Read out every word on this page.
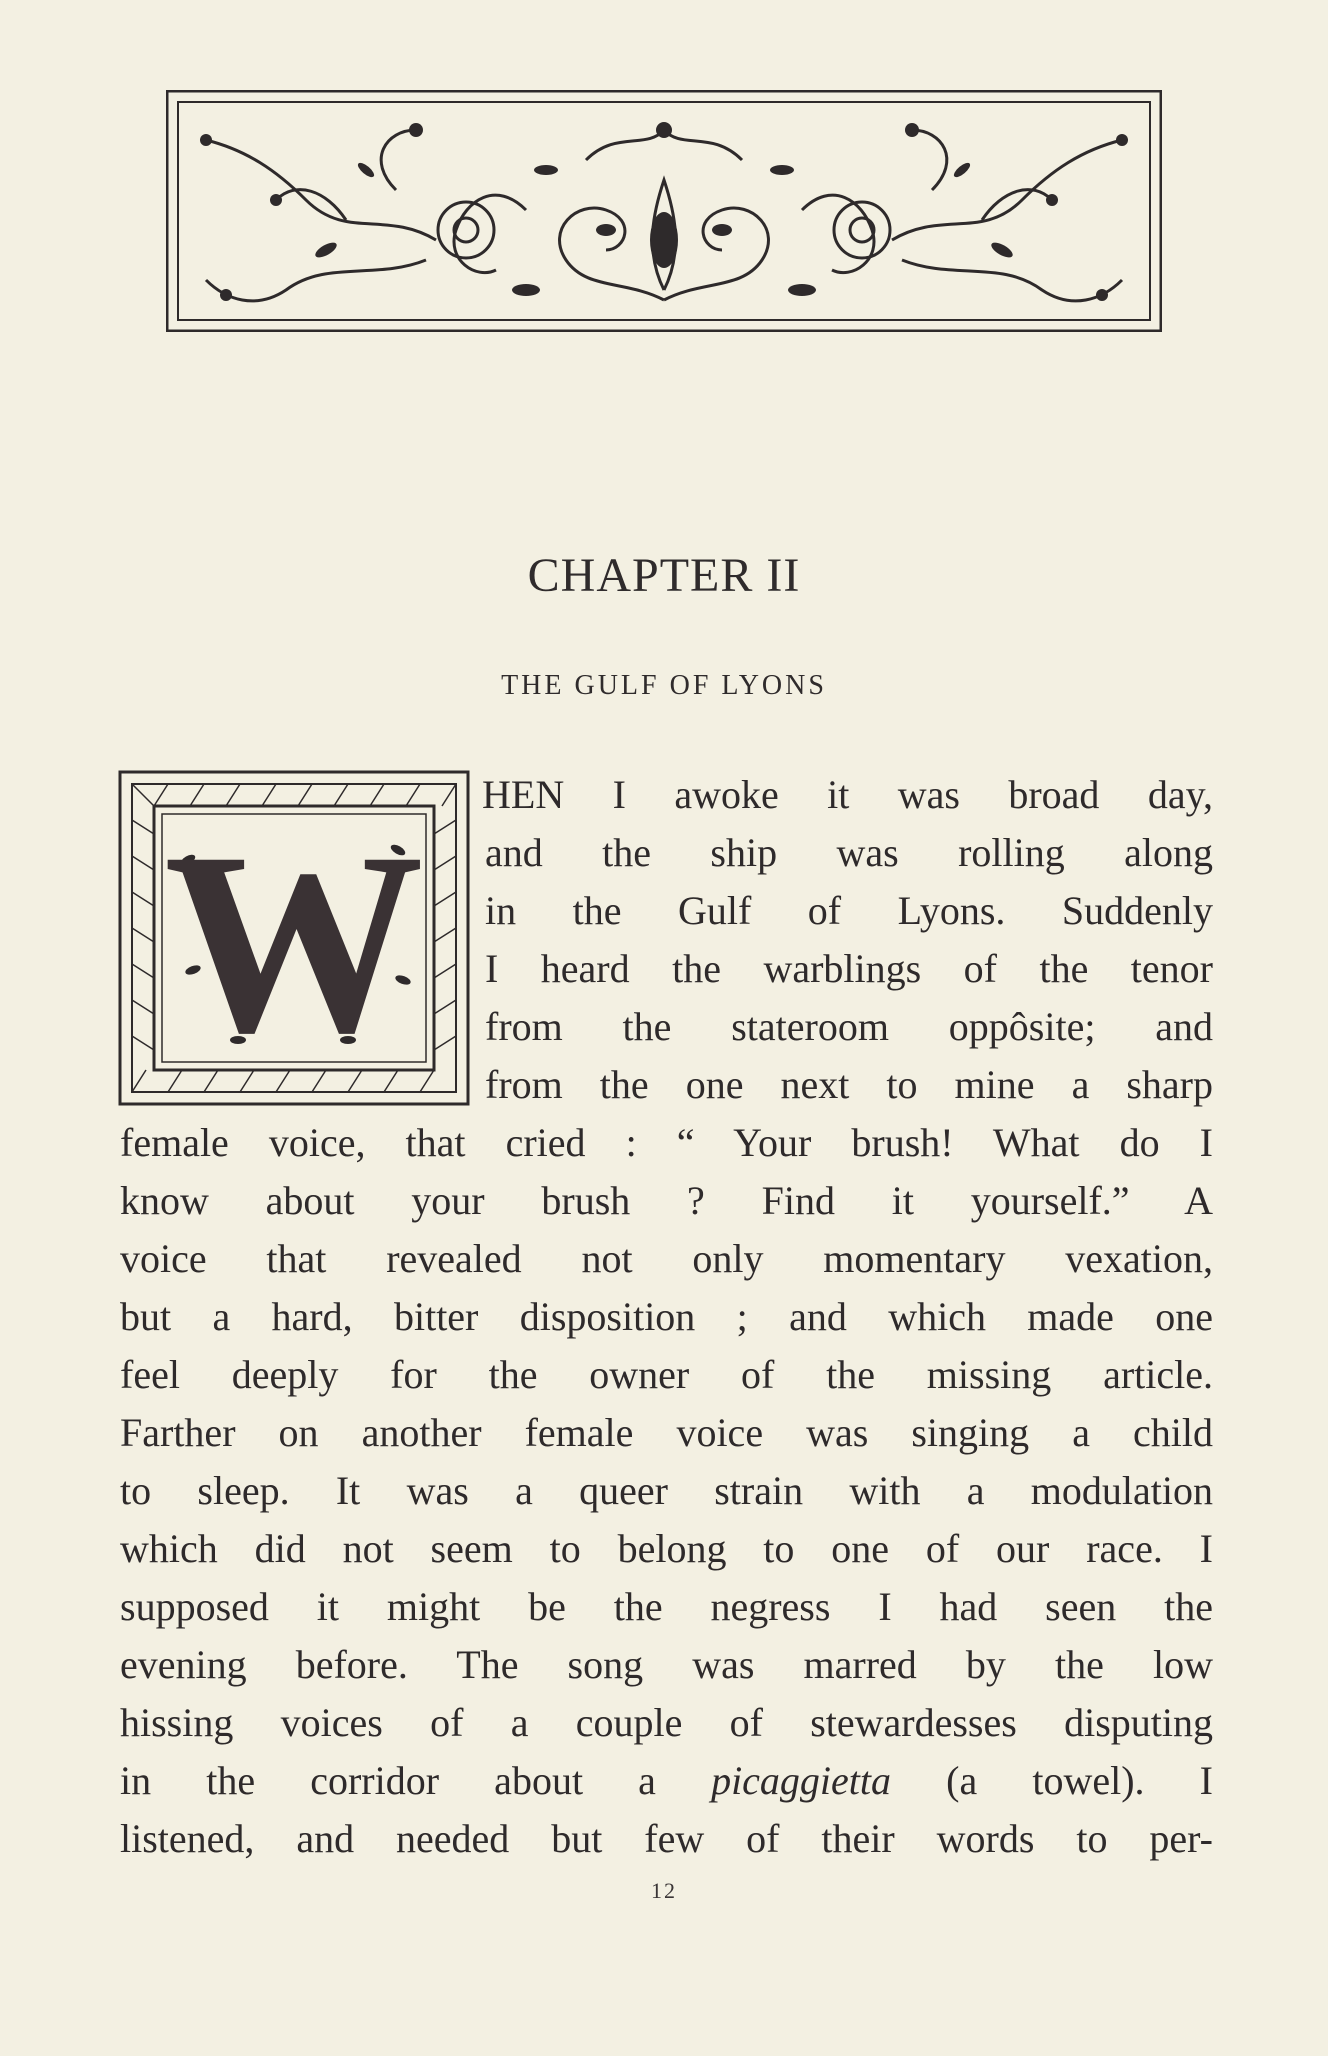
CHAPTER II
THE GULF OF LYONS
W
HEN I awoke it was broad day,
and the ship was rolling along
in the Gulf of Lyons. Suddenly
I heard the warblings of the tenor
from the stateroom oppôsite; and
from the one next to mine a sharp
female voice, that cried : “ Your brush! What do I
know about your brush ? Find it yourself.” A
voice that revealed not only momentary vexation,
but a hard, bitter disposition ; and which made one
feel deeply for the owner of the missing article.
Farther on another female voice was singing a child
to sleep. It was a queer strain with a modulation
which did not seem to belong to one of our race. I
supposed it might be the negress I had seen the
evening before. The song was marred by the low
hissing voices of a couple of stewardesses disputing
in the corridor about a picaggietta (a towel). I
listened, and needed but few of their words to per-
12
